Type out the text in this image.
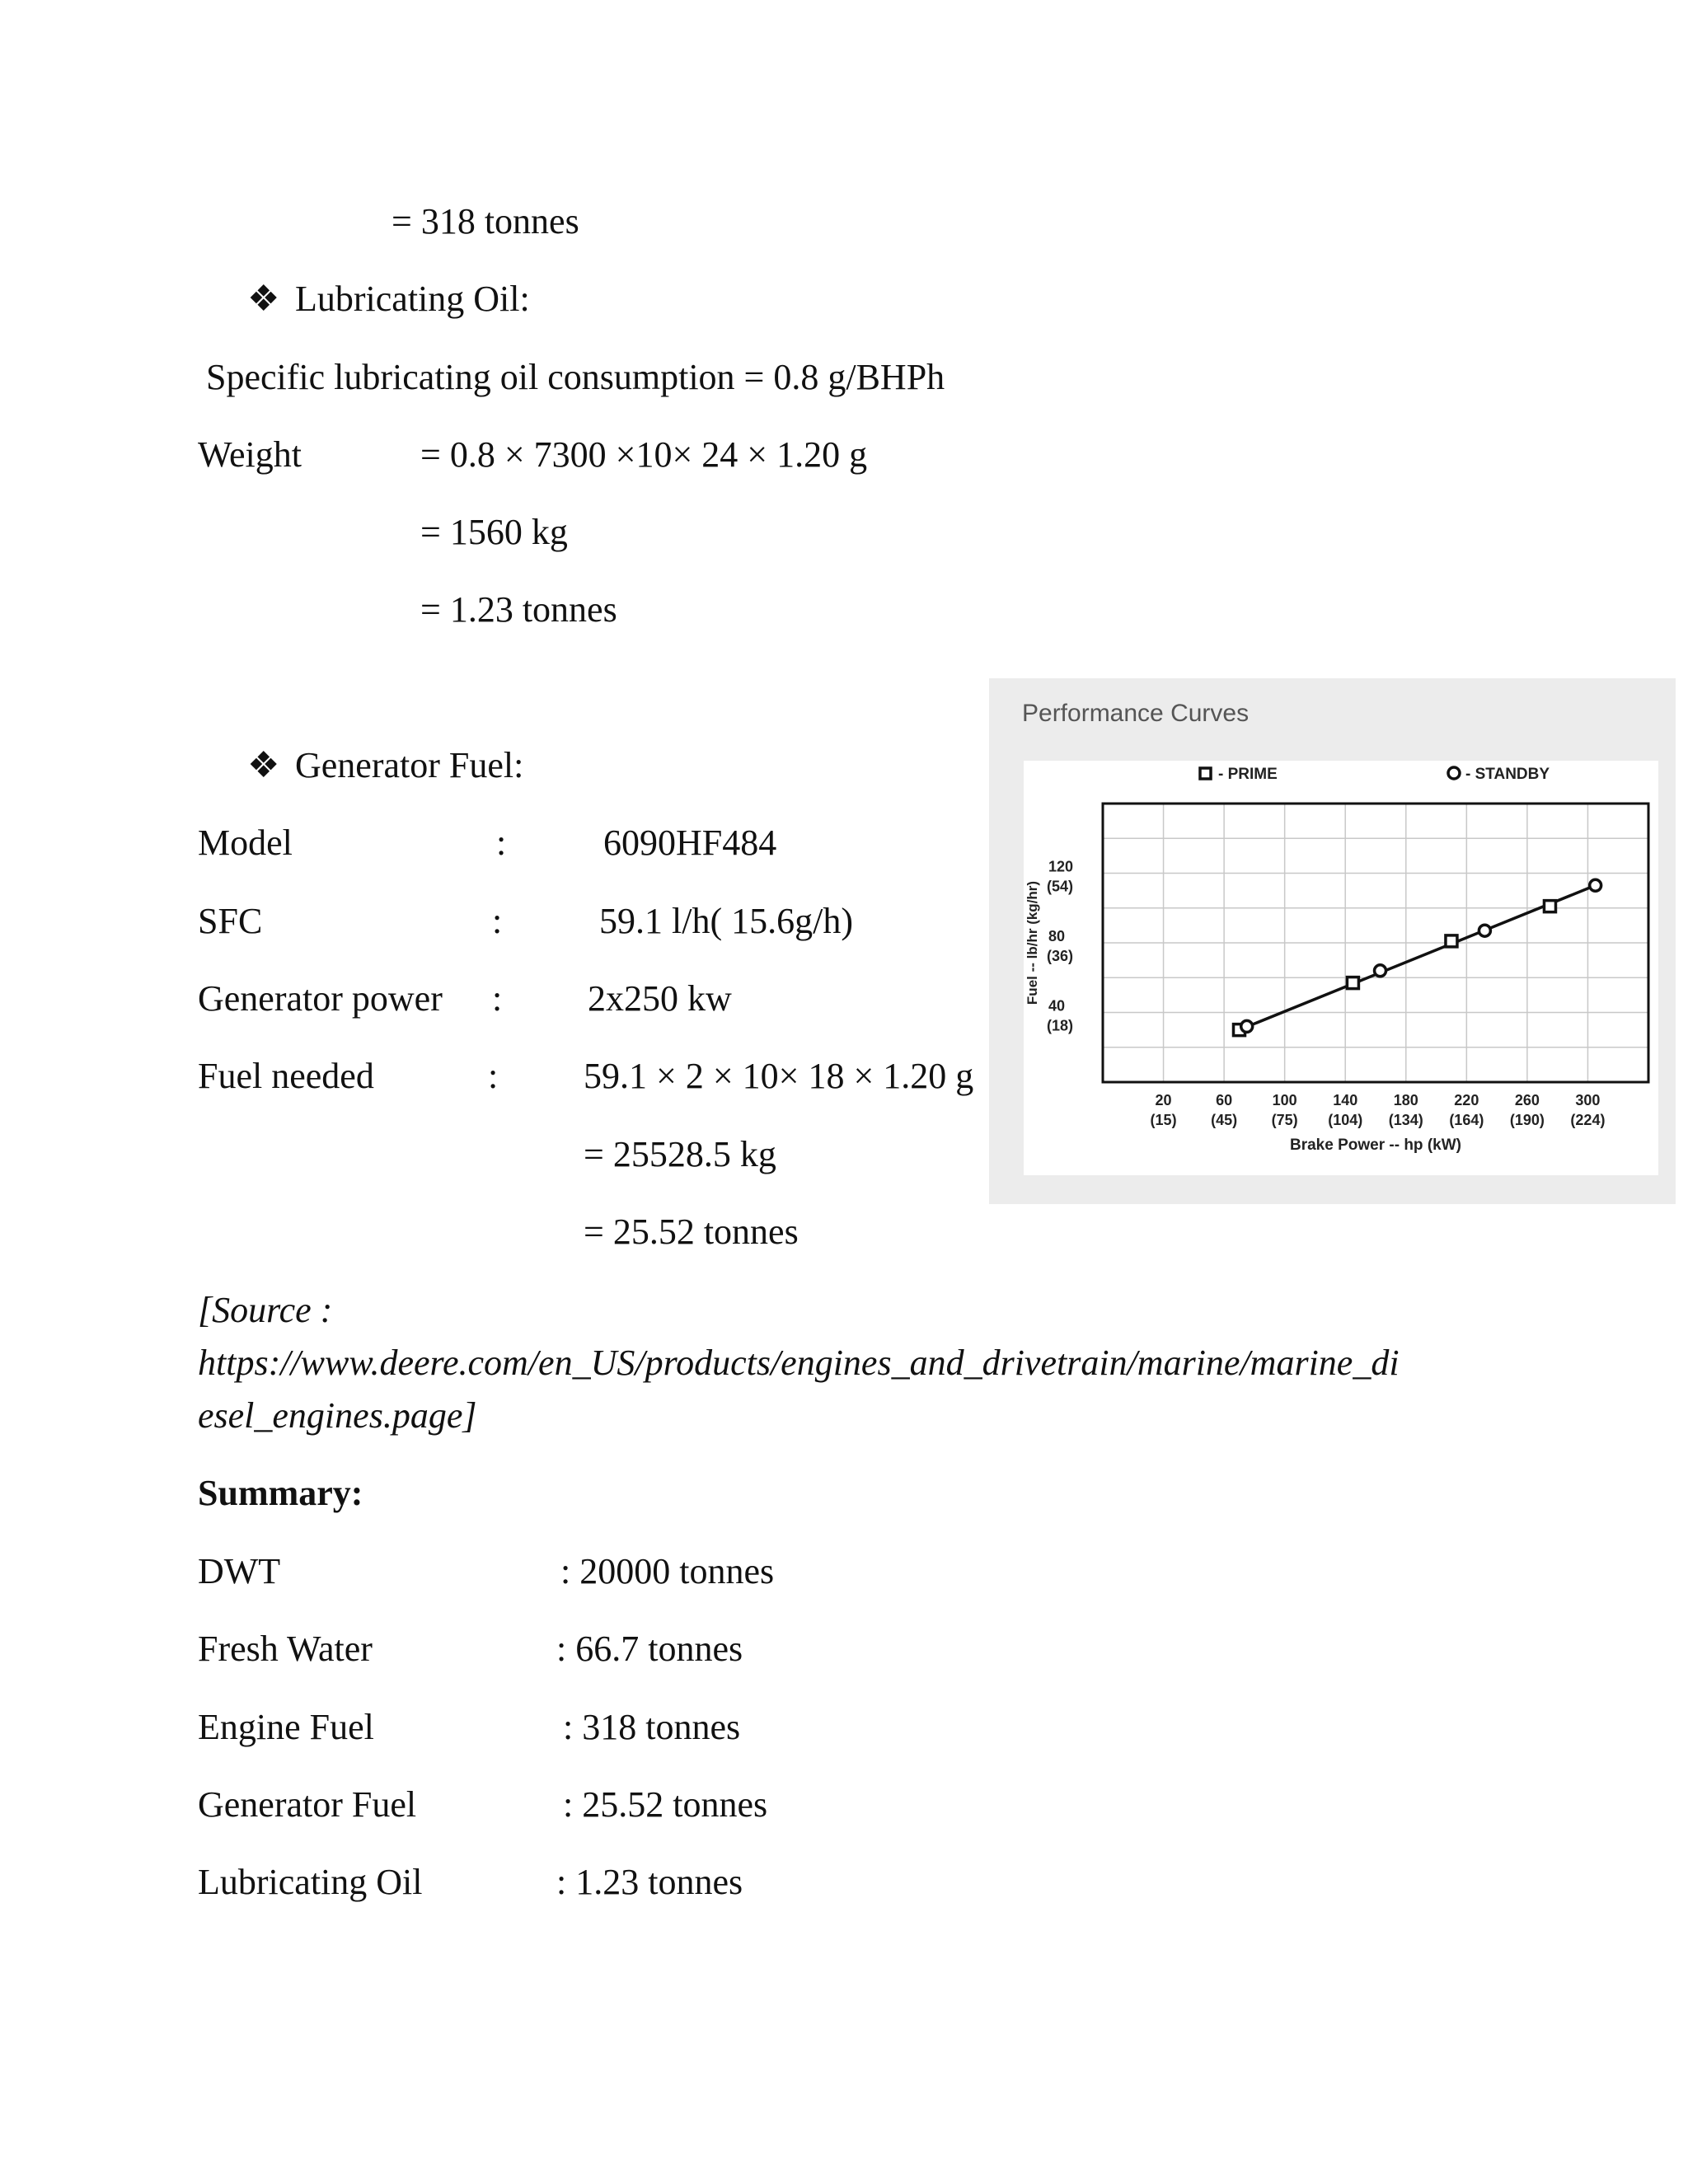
= 318 tonnes
❖ Lubricating Oil:
Specific lubricating oil consumption = 0.8 g/BHPh
Weight	= 0.8 × 7300 ×10× 24 × 1.20 g
= 1560 kg
= 1.23 tonnes
❖ Generator Fuel:
Model	:	6090HF484
SFC	:	59.1 l/h( 15.6g/h)
Generator power : 2x250 kw
Fuel needed	: 59.1 × 2 × 10× 18 × 1.20 g
= 25528.5 kg
= 25.52 tonnes
[Source :
https://www.deere.com/en_US/products/engines_and_drivetrain/marine/marine_di
esel_engines.page]
Summary:
DWT	: 20000 tonnes
Fresh Water	: 66.7 tonnes
Engine Fuel	: 318 tonnes
Generator Fuel	: 25.52 tonnes
Lubricating Oil	: 1.23 tonnes
Performance Curves
20
(15)
60
(45)
100
(75)
140
(104)
180
(134)
220
(164)
260
(190)
300
(224)
120
(54)
80
(36)
40
(18)
Brake Power -- hp (kW)
Fuel -- lb/hr (kg/hr)
- PRIME	- STANDBY
